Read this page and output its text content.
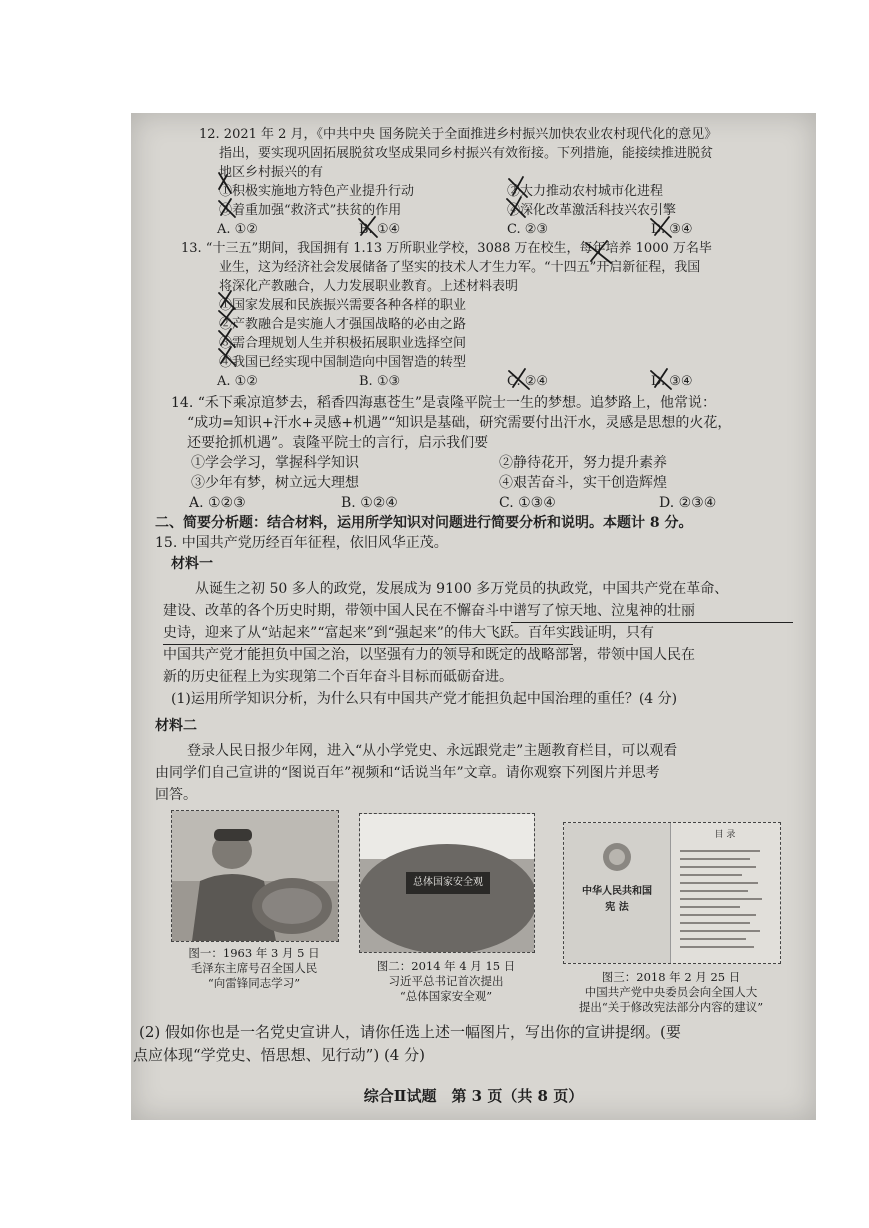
12. 2021 年 2 月，《中共中央 国务院关于全面推进乡村振兴加快农业农村现代化的意见》
指出，要实现巩固拓展脱贫攻坚成果同乡村振兴有效衔接。下列措施，能接续推进脱贫
地区乡村振兴的有
①积极实施地方特色产业提升行动	②大力推动农村城市化进程
③着重加强“救济式”扶贫的作用	④深化改革激活科技兴农引擎
A. ①②	B. ①④	C. ②③	D. ③④
13. “十三五”期间，我国拥有 1.13 万所职业学校，3088 万在校生，每年培养 1000 万名毕
业生，这为经济社会发展储备了坚实的技术人才生力军。“十四五”开启新征程，我国
将深化产教融合，人力发展职业教育。上述材料表明
①国家发展和民族振兴需要各种各样的职业
②产教融合是实施人才强国战略的必由之路
③需合理规划人生并积极拓展职业选择空间
④我国已经实现中国制造向中国智造的转型
A. ①②	B. ①③	C. ②④	D. ③④
14. “禾下乘凉逭梦去，稻香四海惠苍生”是袁隆平院士一生的梦想。追梦路上，他常说：
“成功=知识+汗水+灵感+机遇”“知识是基础，研究需要付出汗水，灵感是思想的火花，
还要抢抓机遇”。袁隆平院士的言行，启示我们要
①学会学习，掌握科学知识	②静待花开，努力提升素养
③少年有梦，树立远大理想	④艰苦奋斗，实干创造辉煌
A. ①②③	B. ①②④	C. ①③④	D. ②③④
二、简要分析题：结合材料，运用所学知识对问题进行简要分析和说明。本题计 8 分。
15. 中国共产党历经百年征程，依旧风华正茂。
材料一
从诞生之初 50 多人的政党，发展成为 9100 多万党员的执政党，中国共产党在革命、
建设、改革的各个历史时期，带领中国人民在不懈奋斗中谱写了惊天地、泣鬼神的壮丽
史诗，迎来了从“站起来”“富起来”到“强起来”的伟大飞跃。百年实践证明，只有
中国共产党才能担负中国之治，以坚强有力的领导和既定的战略部署，带领中国人民在
新的历史征程上为实现第二个百年奋斗目标而砥砺奋进。
(1)运用所学知识分析，为什么只有中国共产党才能担负起中国治理的重任？(4 分)
材料二
登录人民日报少年网，进入“从小学党史、永远跟党走”主题教育栏目，可以观看
由同学们自己宣讲的“图说百年”视频和“话说当年”文章。请你观察下列图片并思考
回答。
图一：1963 年 3 月 5 日
毛泽东主席号召全国人民
“向雷锋同志学习”
总体国家安全观
图二：2014 年 4 月 15 日
习近平总书记首次提出
“总体国家安全观”
中华人民共和国
宪 法
目 录
图三：2018 年 2 月 25 日
中国共产党中央委员会向全国人大
提出“关于修改宪法部分内容的建议”
(2) 假如你也是一名党史宣讲人，请你任选上述一幅图片，写出你的宣讲提纲。(要
点应体现“学党史、悟思想、见行动”) (4 分)
综合Ⅱ试题　第 3 页（共 8 页）
